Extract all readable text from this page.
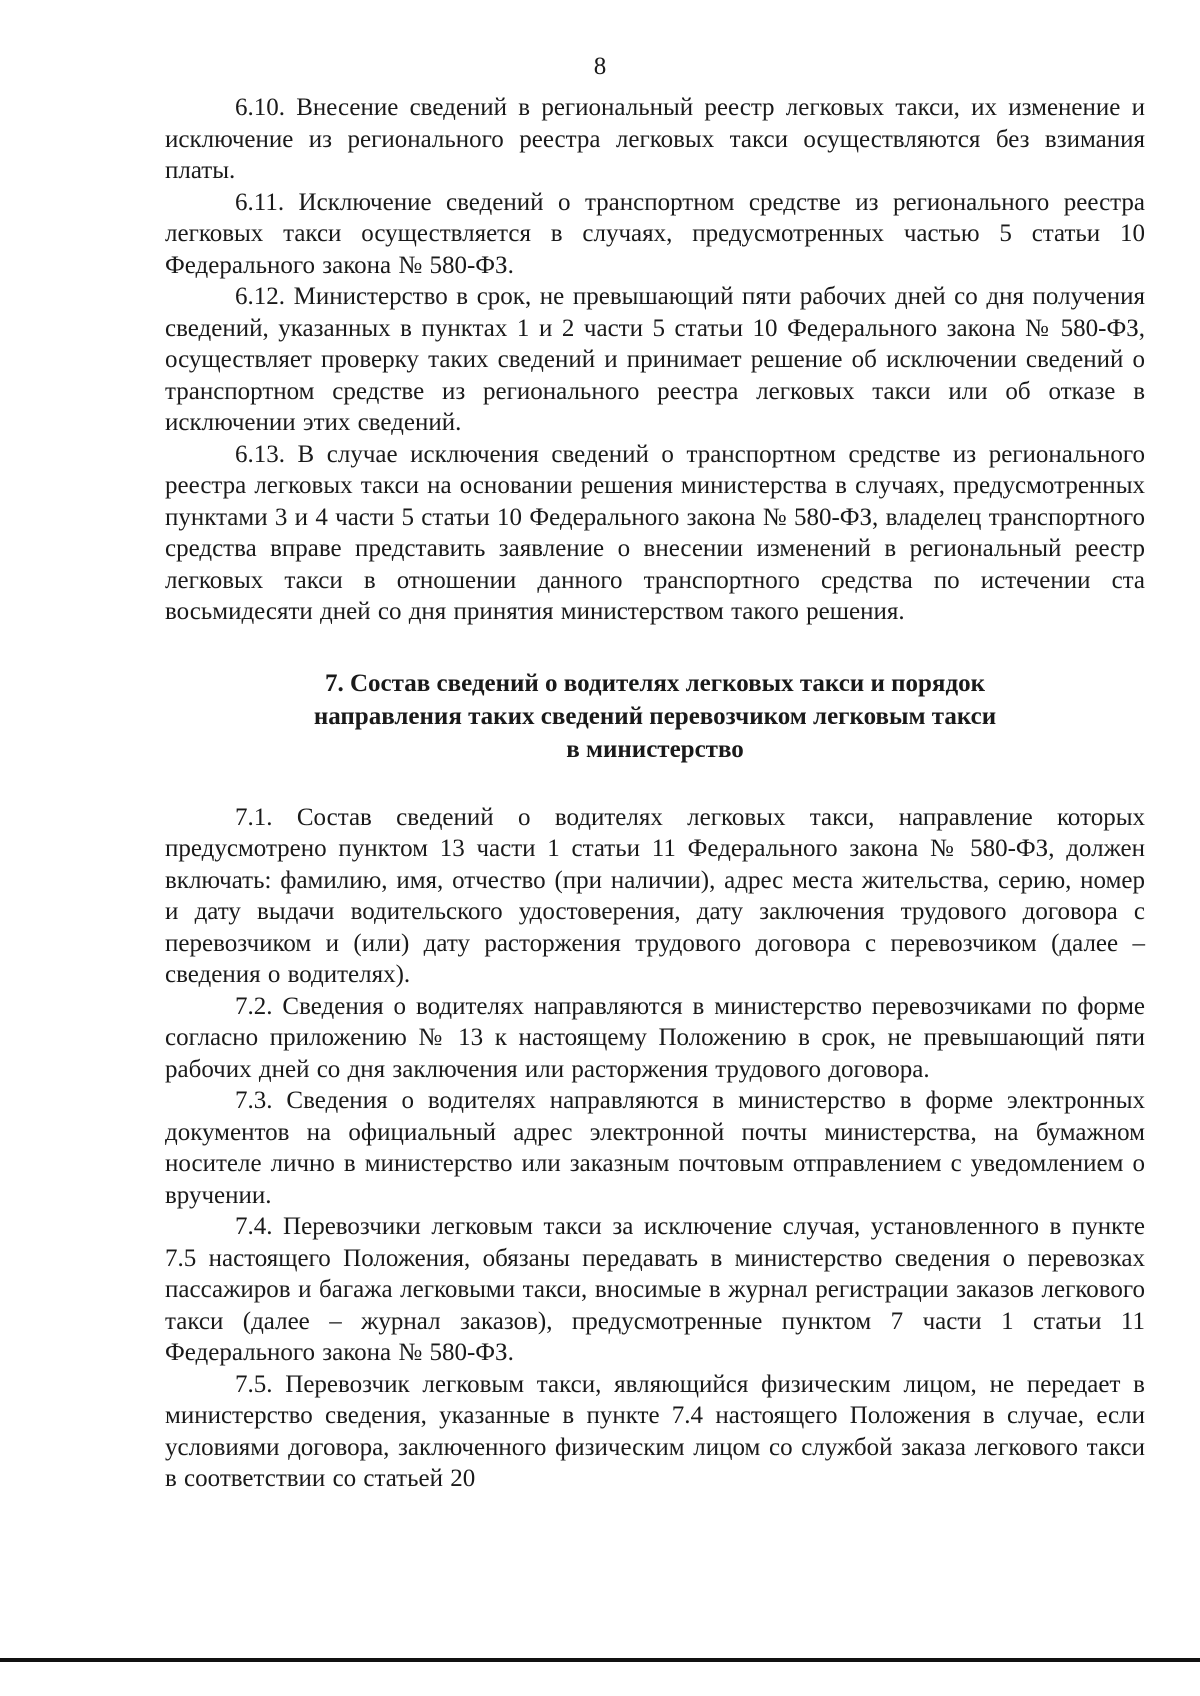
8

6.10. Внесение сведений в региональный реестр легковых такси, их изменение и исключение из регионального реестра легковых такси осуществляются без взимания платы.

6.11. Исключение сведений о транспортном средстве из регионального реестра легковых такси осуществляется в случаях, предусмотренных частью 5 статьи 10 Федерального закона № 580-ФЗ.

6.12. Министерство в срок, не превышающий пяти рабочих дней со дня получения сведений, указанных в пунктах 1 и 2 части 5 статьи 10 Федерального закона № 580-ФЗ, осуществляет проверку таких сведений и принимает решение об исключении сведений о транспортном средстве из регионального реестра легковых такси или об отказе в исключении этих сведений.

6.13. В случае исключения сведений о транспортном средстве из регионального реестра легковых такси на основании решения министерства в случаях, предусмотренных пунктами 3 и 4 части 5 статьи 10 Федерального закона № 580-ФЗ, владелец транспортного средства вправе представить заявление о внесении изменений в региональный реестр легковых такси в отношении данного транспортного средства по истечении ста восьмидесяти дней со дня принятия министерством такого решения.

7. Состав сведений о водителях легковых такси и порядок
направления таких сведений перевозчиком легковым такси
в министерство

7.1. Состав сведений о водителях легковых такси, направление которых предусмотрено пунктом 13 части 1 статьи 11 Федерального закона № 580-ФЗ, должен включать: фамилию, имя, отчество (при наличии), адрес места жительства, серию, номер и дату выдачи водительского удостоверения, дату заключения трудового договора с перевозчиком и (или) дату расторжения трудового договора с перевозчиком (далее – сведения о водителях).

7.2. Сведения о водителях направляются в министерство перевозчиками по форме согласно приложению № 13 к настоящему Положению в срок, не превышающий пяти рабочих дней со дня заключения или расторжения трудового договора.

7.3. Сведения о водителях направляются в министерство в форме электронных документов на официальный адрес электронной почты министерства, на бумажном носителе лично в министерство или заказным почтовым отправлением с уведомлением о вручении.

7.4. Перевозчики легковым такси за исключение случая, установленного в пункте 7.5 настоящего Положения, обязаны передавать в министерство сведения о перевозках пассажиров и багажа легковыми такси, вносимые в журнал регистрации заказов легкового такси (далее – журнал заказов), предусмотренные пунктом 7 части 1 статьи 11 Федерального закона № 580-ФЗ.

7.5. Перевозчик легковым такси, являющийся физическим лицом, не передает в министерство сведения, указанные в пункте 7.4 настоящего Положения в случае, если условиями договора, заключенного физическим лицом со службой заказа легкового такси в соответствии со статьей 20
